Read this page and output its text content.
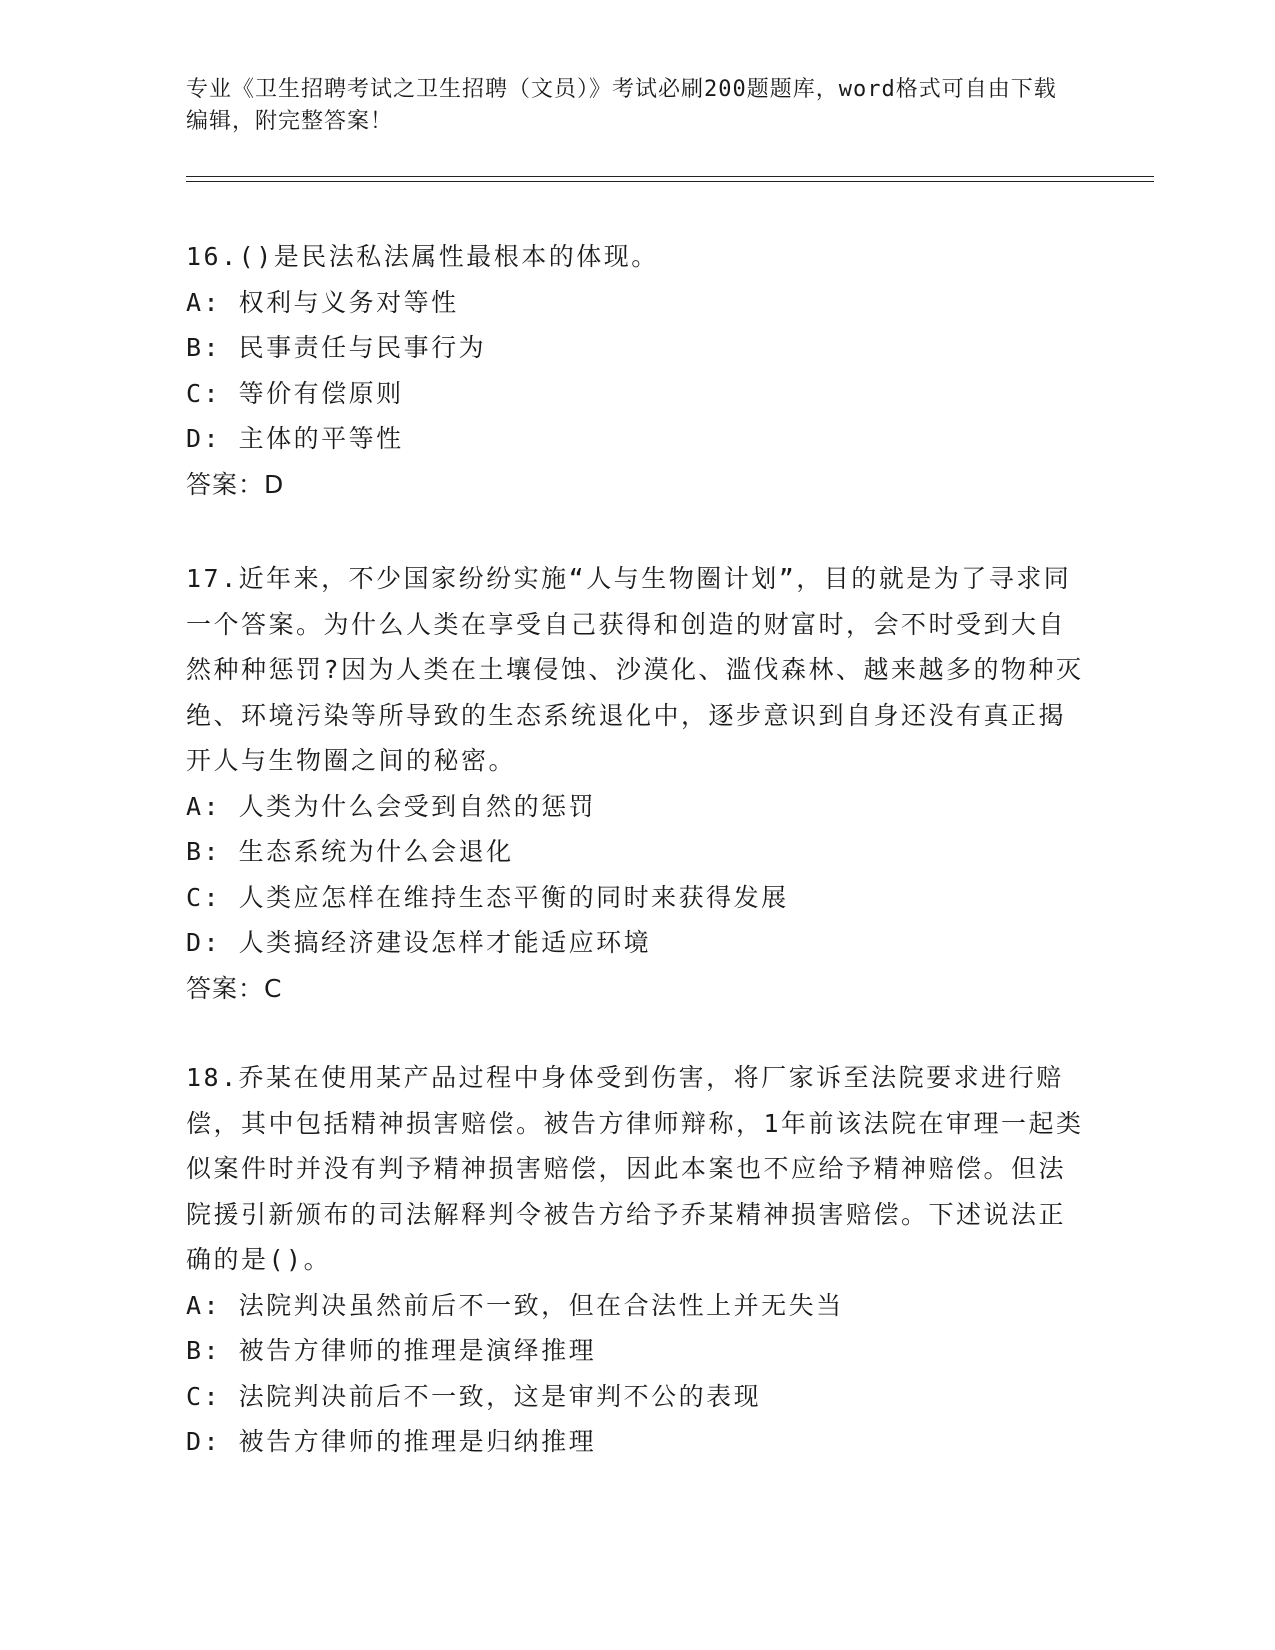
专业《卫生招聘考试之卫生招聘（文员）》考试必刷200题题库，word格式可自由下载编辑，附完整答案！
16.()是民法私法属性最根本的体现。
A: 权利与义务对等性
B: 民事责任与民事行为
C: 等价有偿原则
D: 主体的平等性
答案：D
17.近年来，不少国家纷纷实施“人与生物圈计划”，目的就是为了寻求同一个答案。为什么人类在享受自己获得和创造的财富时，会不时受到大自然种种惩罚?因为人类在土壤侵蚀、沙漠化、滥伐森林、越来越多的物种灭绝、环境污染等所导致的生态系统退化中，逐步意识到自身还没有真正揭开人与生物圈之间的秘密。
A: 人类为什么会受到自然的惩罚
B: 生态系统为什么会退化
C: 人类应怎样在维持生态平衡的同时来获得发展
D: 人类搞经济建设怎样才能适应环境
答案：C
18.乔某在使用某产品过程中身体受到伤害，将厂家诉至法院要求进行赔偿，其中包括精神损害赔偿。被告方律师辩称，1年前该法院在审理一起类似案件时并没有判予精神损害赔偿，因此本案也不应给予精神赔偿。但法院援引新颁布的司法解释判令被告方给予乔某精神损害赔偿。下述说法正确的是()。
A: 法院判决虽然前后不一致，但在合法性上并无失当
B: 被告方律师的推理是演绎推理
C: 法院判决前后不一致，这是审判不公的表现
D: 被告方律师的推理是归纳推理
